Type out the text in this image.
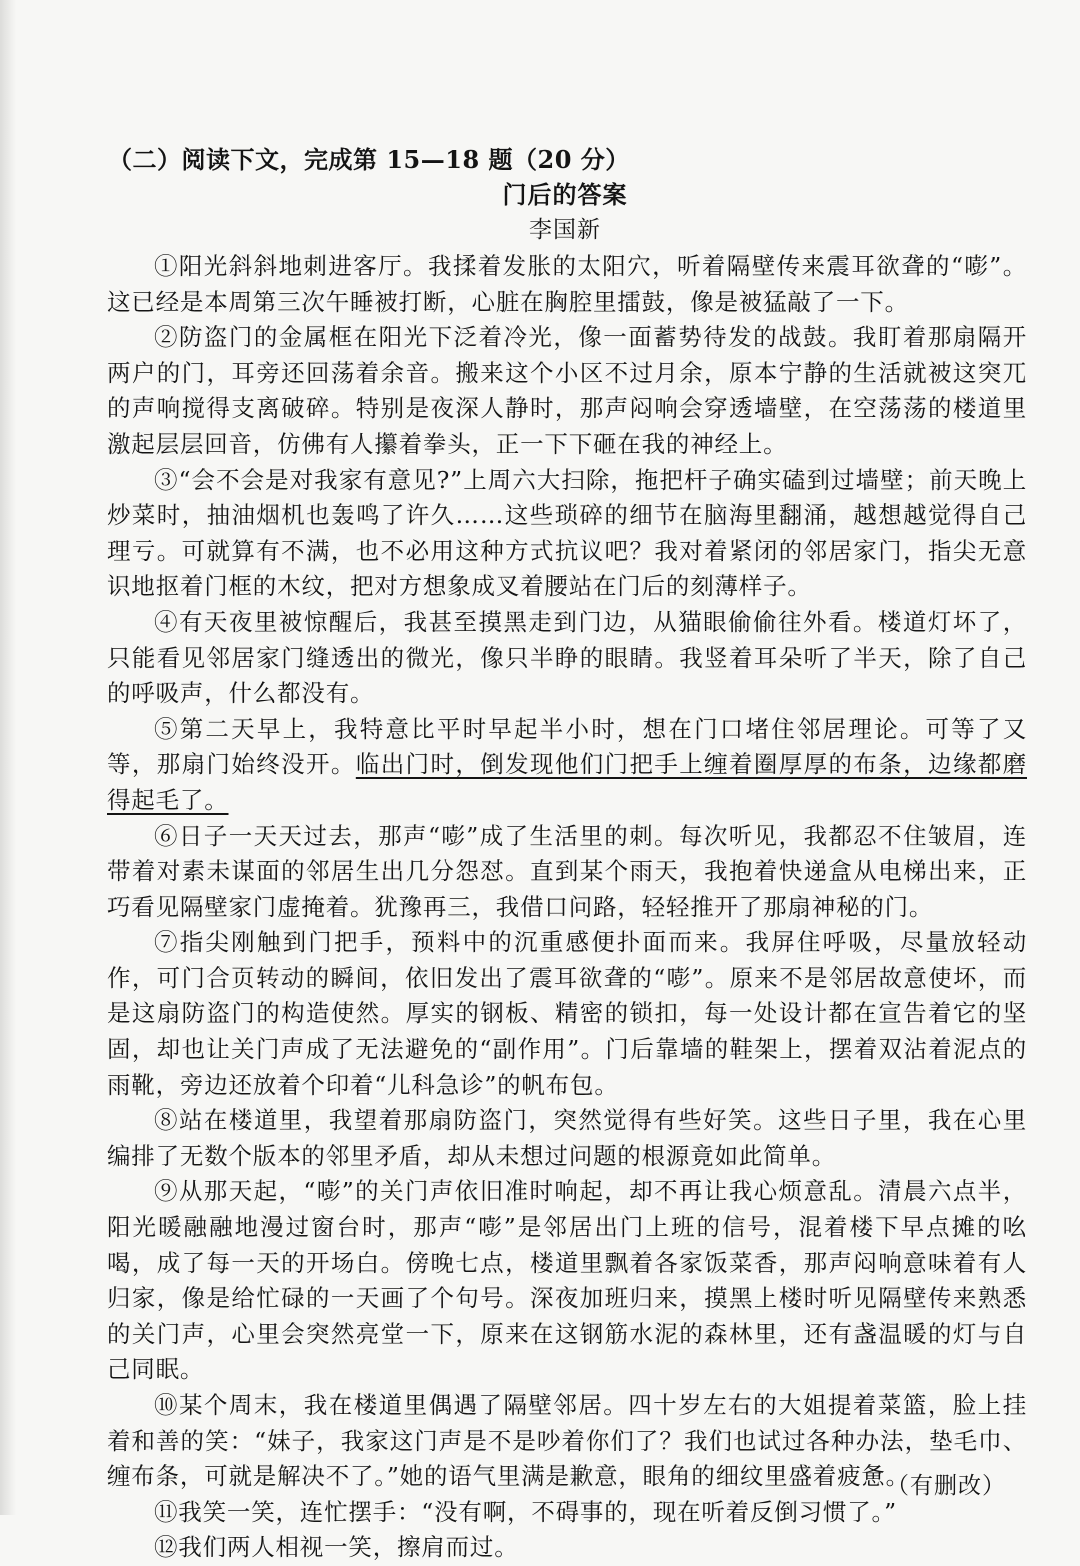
（二）阅读下文，完成第 15—18 题（20 分）
门后的答案
李国新

①阳光斜斜地刺进客厅。我揉着发胀的太阳穴，听着隔壁传来震耳欲聋的“嘭”。这已经是本周第三次午睡被打断，心脏在胸腔里擂鼓，像是被猛敲了一下。

②防盗门的金属框在阳光下泛着冷光，像一面蓄势待发的战鼓。我盯着那扇隔开两户的门，耳旁还回荡着余音。搬来这个小区不过月余，原本宁静的生活就被这突兀的声响搅得支离破碎。特别是夜深人静时，那声闷响会穿透墙壁，在空荡荡的楼道里激起层层回音，仿佛有人攥着拳头，正一下下砸在我的神经上。

③“会不会是对我家有意见?”上周六大扫除，拖把杆子确实磕到过墙壁；前天晚上炒菜时，抽油烟机也轰鸣了许久……这些琐碎的细节在脑海里翻涌，越想越觉得自己理亏。可就算有不满，也不必用这种方式抗议吧？我对着紧闭的邻居家门，指尖无意识地抠着门框的木纹，把对方想象成叉着腰站在门后的刻薄样子。

④有天夜里被惊醒后，我甚至摸黑走到门边，从猫眼偷偷往外看。楼道灯坏了，只能看见邻居家门缝透出的微光，像只半睁的眼睛。我竖着耳朵听了半天，除了自己的呼吸声，什么都没有。

⑤第二天早上，我特意比平时早起半小时，想在门口堵住邻居理论。可等了又等，那扇门始终没开。临出门时，倒发现他们门把手上缠着圈厚厚的布条，边缘都磨得起毛了。

⑥日子一天天过去，那声“嘭”成了生活里的刺。每次听见，我都忍不住皱眉，连带着对素未谋面的邻居生出几分怨怼。直到某个雨天，我抱着快递盒从电梯出来，正巧看见隔壁家门虚掩着。犹豫再三，我借口问路，轻轻推开了那扇神秘的门。

⑦指尖刚触到门把手，预料中的沉重感便扑面而来。我屏住呼吸，尽量放轻动作，可门合页转动的瞬间，依旧发出了震耳欲聋的“嘭”。原来不是邻居故意使坏，而是这扇防盗门的构造使然。厚实的钢板、精密的锁扣，每一处设计都在宣告着它的坚固，却也让关门声成了无法避免的“副作用”。门后靠墙的鞋架上，摆着双沾着泥点的雨靴，旁边还放着个印着“儿科急诊”的帆布包。

⑧站在楼道里，我望着那扇防盗门，突然觉得有些好笑。这些日子里，我在心里编排了无数个版本的邻里矛盾，却从未想过问题的根源竟如此简单。

⑨从那天起，“嘭”的关门声依旧准时响起，却不再让我心烦意乱。清晨六点半，阳光暖融融地漫过窗台时，那声“嘭”是邻居出门上班的信号，混着楼下早点摊的吆喝，成了每一天的开场白。傍晚七点，楼道里飘着各家饭菜香，那声闷响意味着有人归家，像是给忙碌的一天画了个句号。深夜加班归来，摸黑上楼时听见隔壁传来熟悉的关门声，心里会突然亮堂一下，原来在这钢筋水泥的森林里，还有盏温暖的灯与自己同眠。

⑩某个周末，我在楼道里偶遇了隔壁邻居。四十岁左右的大姐提着菜篮，脸上挂着和善的笑：“妹子，我家这门声是不是吵着你们了？我们也试过各种办法，垫毛巾、缠布条，可就是解决不了。”她的语气里满是歉意，眼角的细纹里盛着疲惫。

⑪我笑一笑，连忙摆手：“没有啊，不碍事的，现在听着反倒习惯了。”

⑫我们两人相视一笑，擦肩而过。

（有删改）
